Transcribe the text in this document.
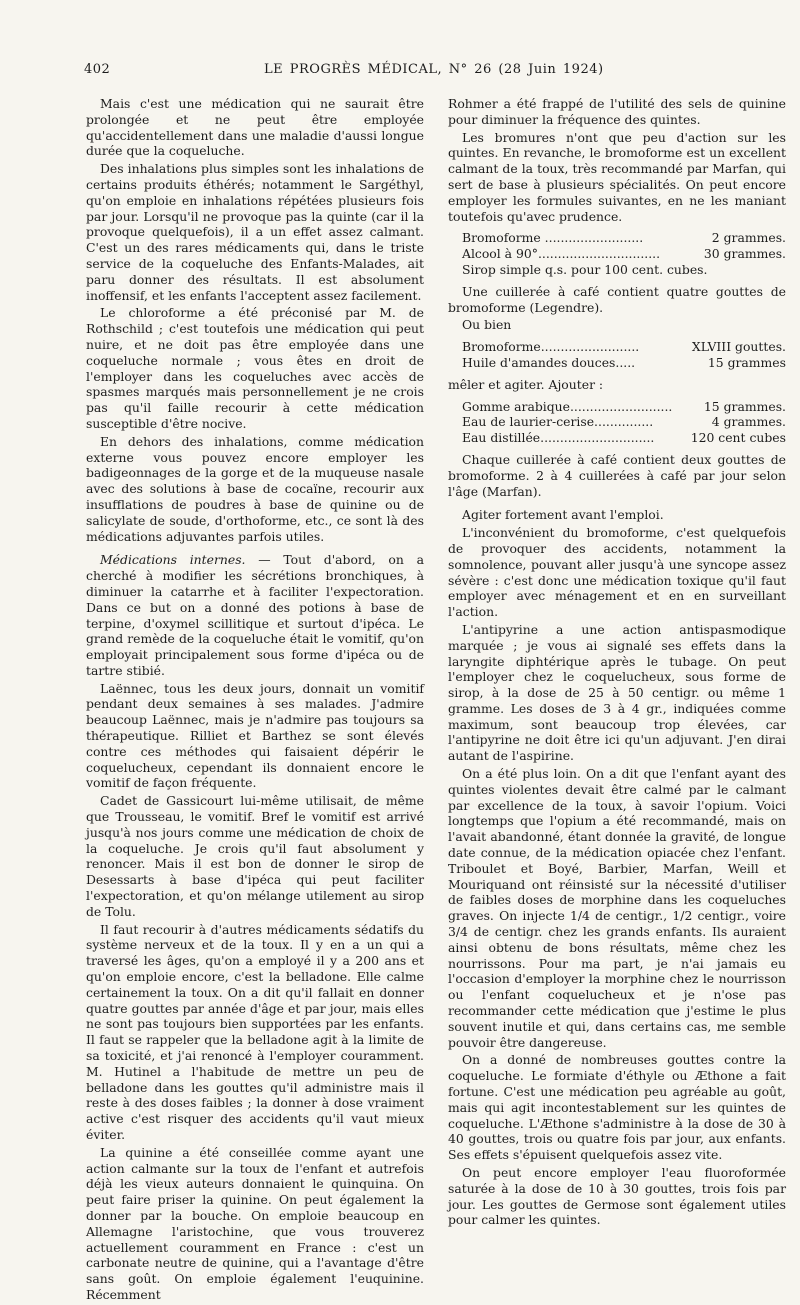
402	LE PROGRÈS MÉDICAL, N° 26 (28 Juin 1924)

Mais c'est une médication qui ne saurait être prolongée et ne peut être employée qu'accidentellement dans une maladie d'aussi longue durée que la coqueluche.

Des inhalations plus simples sont les inhalations de certains produits éthérés; notamment le Sargéthyl, qu'on emploie en inhalations répétées plusieurs fois par jour. Lorsqu'il ne provoque pas la quinte (car il la provoque quelquefois), il a un effet assez calmant. C'est un des rares médicaments qui, dans le triste service de la coqueluche des Enfants-Malades, ait paru donner des résultats. Il est absolument inoffensif, et les enfants l'acceptent assez facilement.

Le chloroforme a été préconisé par M. de Rothschild ; c'est toutefois une médication qui peut nuire, et ne doit pas être employée dans une coqueluche normale ; vous êtes en droit de l'employer dans les coqueluches avec accès de spasmes marqués mais personnellement je ne crois pas qu'il faille recourir à cette médication susceptible d'être nocive.

En dehors des inhalations, comme médication externe vous pouvez encore employer les badigeonnages de la gorge et de la muqueuse nasale avec des solutions à base de cocaïne, recourir aux insufflations de poudres à base de quinine ou de salicylate de soude, d'orthoforme, etc., ce sont là des médications adjuvantes parfois utiles.

Médications internes. — Tout d'abord, on a cherché à modifier les sécrétions bronchiques, à diminuer la catarrhe et à faciliter l'expectoration. Dans ce but on a donné des potions à base de terpine, d'oxymel scillitique et surtout d'ipéca. Le grand remède de la coqueluche était le vomitif, qu'on employait principalement sous forme d'ipéca ou de tartre stibié.

Laënnec, tous les deux jours, donnait un vomitif pendant deux semaines à ses malades. J'admire beaucoup Laënnec, mais je n'admire pas toujours sa thérapeutique. Rilliet et Barthez se sont élevés contre ces méthodes qui faisaient dépérir le coquelucheux, cependant ils donnaient encore le vomitif de façon fréquente.

Cadet de Gassicourt lui-même utilisait, de même que Trousseau, le vomitif. Bref le vomitif est arrivé jusqu'à nos jours comme une médication de choix de la coqueluche. Je crois qu'il faut absolument y renoncer. Mais il est bon de donner le sirop de Desessarts à base d'ipéca qui peut faciliter l'expectoration, et qu'on mélange utilement au sirop de Tolu.

Il faut recourir à d'autres médicaments sédatifs du système nerveux et de la toux. Il y en a un qui a traversé les âges, qu'on a employé il y a 200 ans et qu'on emploie encore, c'est la belladone. Elle calme certainement la toux. On a dit qu'il fallait en donner quatre gouttes par année d'âge et par jour, mais elles ne sont pas toujours bien supportées par les enfants. Il faut se rappeler que la belladone agit à la limite de sa toxicité, et j'ai renoncé à l'employer couramment. M. Hutinel a l'habitude de mettre un peu de belladone dans les gouttes qu'il administre mais il reste à des doses faibles ; la donner à dose vraiment active c'est risquer des accidents qu'il vaut mieux éviter.

La quinine a été conseillée comme ayant une action calmante sur la toux de l'enfant et autrefois déjà les vieux auteurs donnaient le quinquina. On peut faire priser la quinine. On peut également la donner par la bouche. On emploie beaucoup en Allemagne l'aristochine, que vous trouverez actuellement couramment en France : c'est un carbonate neutre de quinine, qui a l'avantage d'être sans goût. On emploie également l'euquinine. Récemment

Rohmer a été frappé de l'utilité des sels de quinine pour diminuer la fréquence des quintes.

Les bromures n'ont que peu d'action sur les quintes. En revanche, le bromoforme est un excellent calmant de la toux, très recommandé par Marfan, qui sert de base à plusieurs spécialités. On peut encore employer les formules suivantes, en ne les maniant toutefois qu'avec prudence.

Bromoforme .........................	2 grammes.
Alcool à 90°...............................	30 grammes.
Sirop simple q.s. pour 100 cent. cubes.

Une cuillerée à café contient quatre gouttes de bromoforme (Legendre).

Ou bien

Bromoforme.........................	XLVIII gouttes.
Huile d'amandes douces.....	15 grammes

mêler et agiter. Ajouter :

Gomme arabique..........................	15 grammes.
Eau de laurier-cerise...............	4 grammes.
Eau distillée.............................	120 cent cubes

Chaque cuillerée à café contient deux gouttes de bromoforme. 2 à 4 cuillerées à café par jour selon l'âge (Marfan).

Agiter fortement avant l'emploi.

L'inconvénient du bromoforme, c'est quelquefois de provoquer des accidents, notamment la somnolence, pouvant aller jusqu'à une syncope assez sévère : c'est donc une médication toxique qu'il faut employer avec ménagement et en en surveillant l'action.

L'antipyrine a une action antispasmodique marquée ; je vous ai signalé ses effets dans la laryngite diphtérique après le tubage. On peut l'employer chez le coquelucheux, sous forme de sirop, à la dose de 25 à 50 centigr. ou même 1 gramme. Les doses de 3 à 4 gr., indiquées comme maximum, sont beaucoup trop élevées, car l'antipyrine ne doit être ici qu'un adjuvant. J'en dirai autant de l'aspirine.

On a été plus loin. On a dit que l'enfant ayant des quintes violentes devait être calmé par le calmant par excellence de la toux, à savoir l'opium. Voici longtemps que l'opium a été recommandé, mais on l'avait abandonné, étant donnée la gravité, de longue date connue, de la médication opiacée chez l'enfant. Triboulet et Boyé, Barbier, Marfan, Weill et Mouriquand ont réinsisté sur la nécessité d'utiliser de faibles doses de morphine dans les coqueluches graves. On injecte 1/4 de centigr., 1/2 centigr., voire 3/4 de centigr. chez les grands enfants. Ils auraient ainsi obtenu de bons résultats, même chez les nourrissons. Pour ma part, je n'ai jamais eu l'occasion d'employer la morphine chez le nourrisson ou l'enfant coquelucheux et je n'ose pas recommander cette médication que j'estime le plus souvent inutile et qui, dans certains cas, me semble pouvoir être dangereuse.

On a donné de nombreuses gouttes contre la coqueluche. Le formiate d'éthyle ou Æthone a fait fortune. C'est une médication peu agréable au goût, mais qui agit incontestablement sur les quintes de coqueluche. L'Æthone s'administre à la dose de 30 à 40 gouttes, trois ou quatre fois par jour, aux enfants. Ses effets s'épuisent quelquefois assez vite.

On peut encore employer l'eau fluoroformée saturée à la dose de 10 à 30 gouttes, trois fois par jour. Les gouttes de Germose sont également utiles pour calmer les quintes.
